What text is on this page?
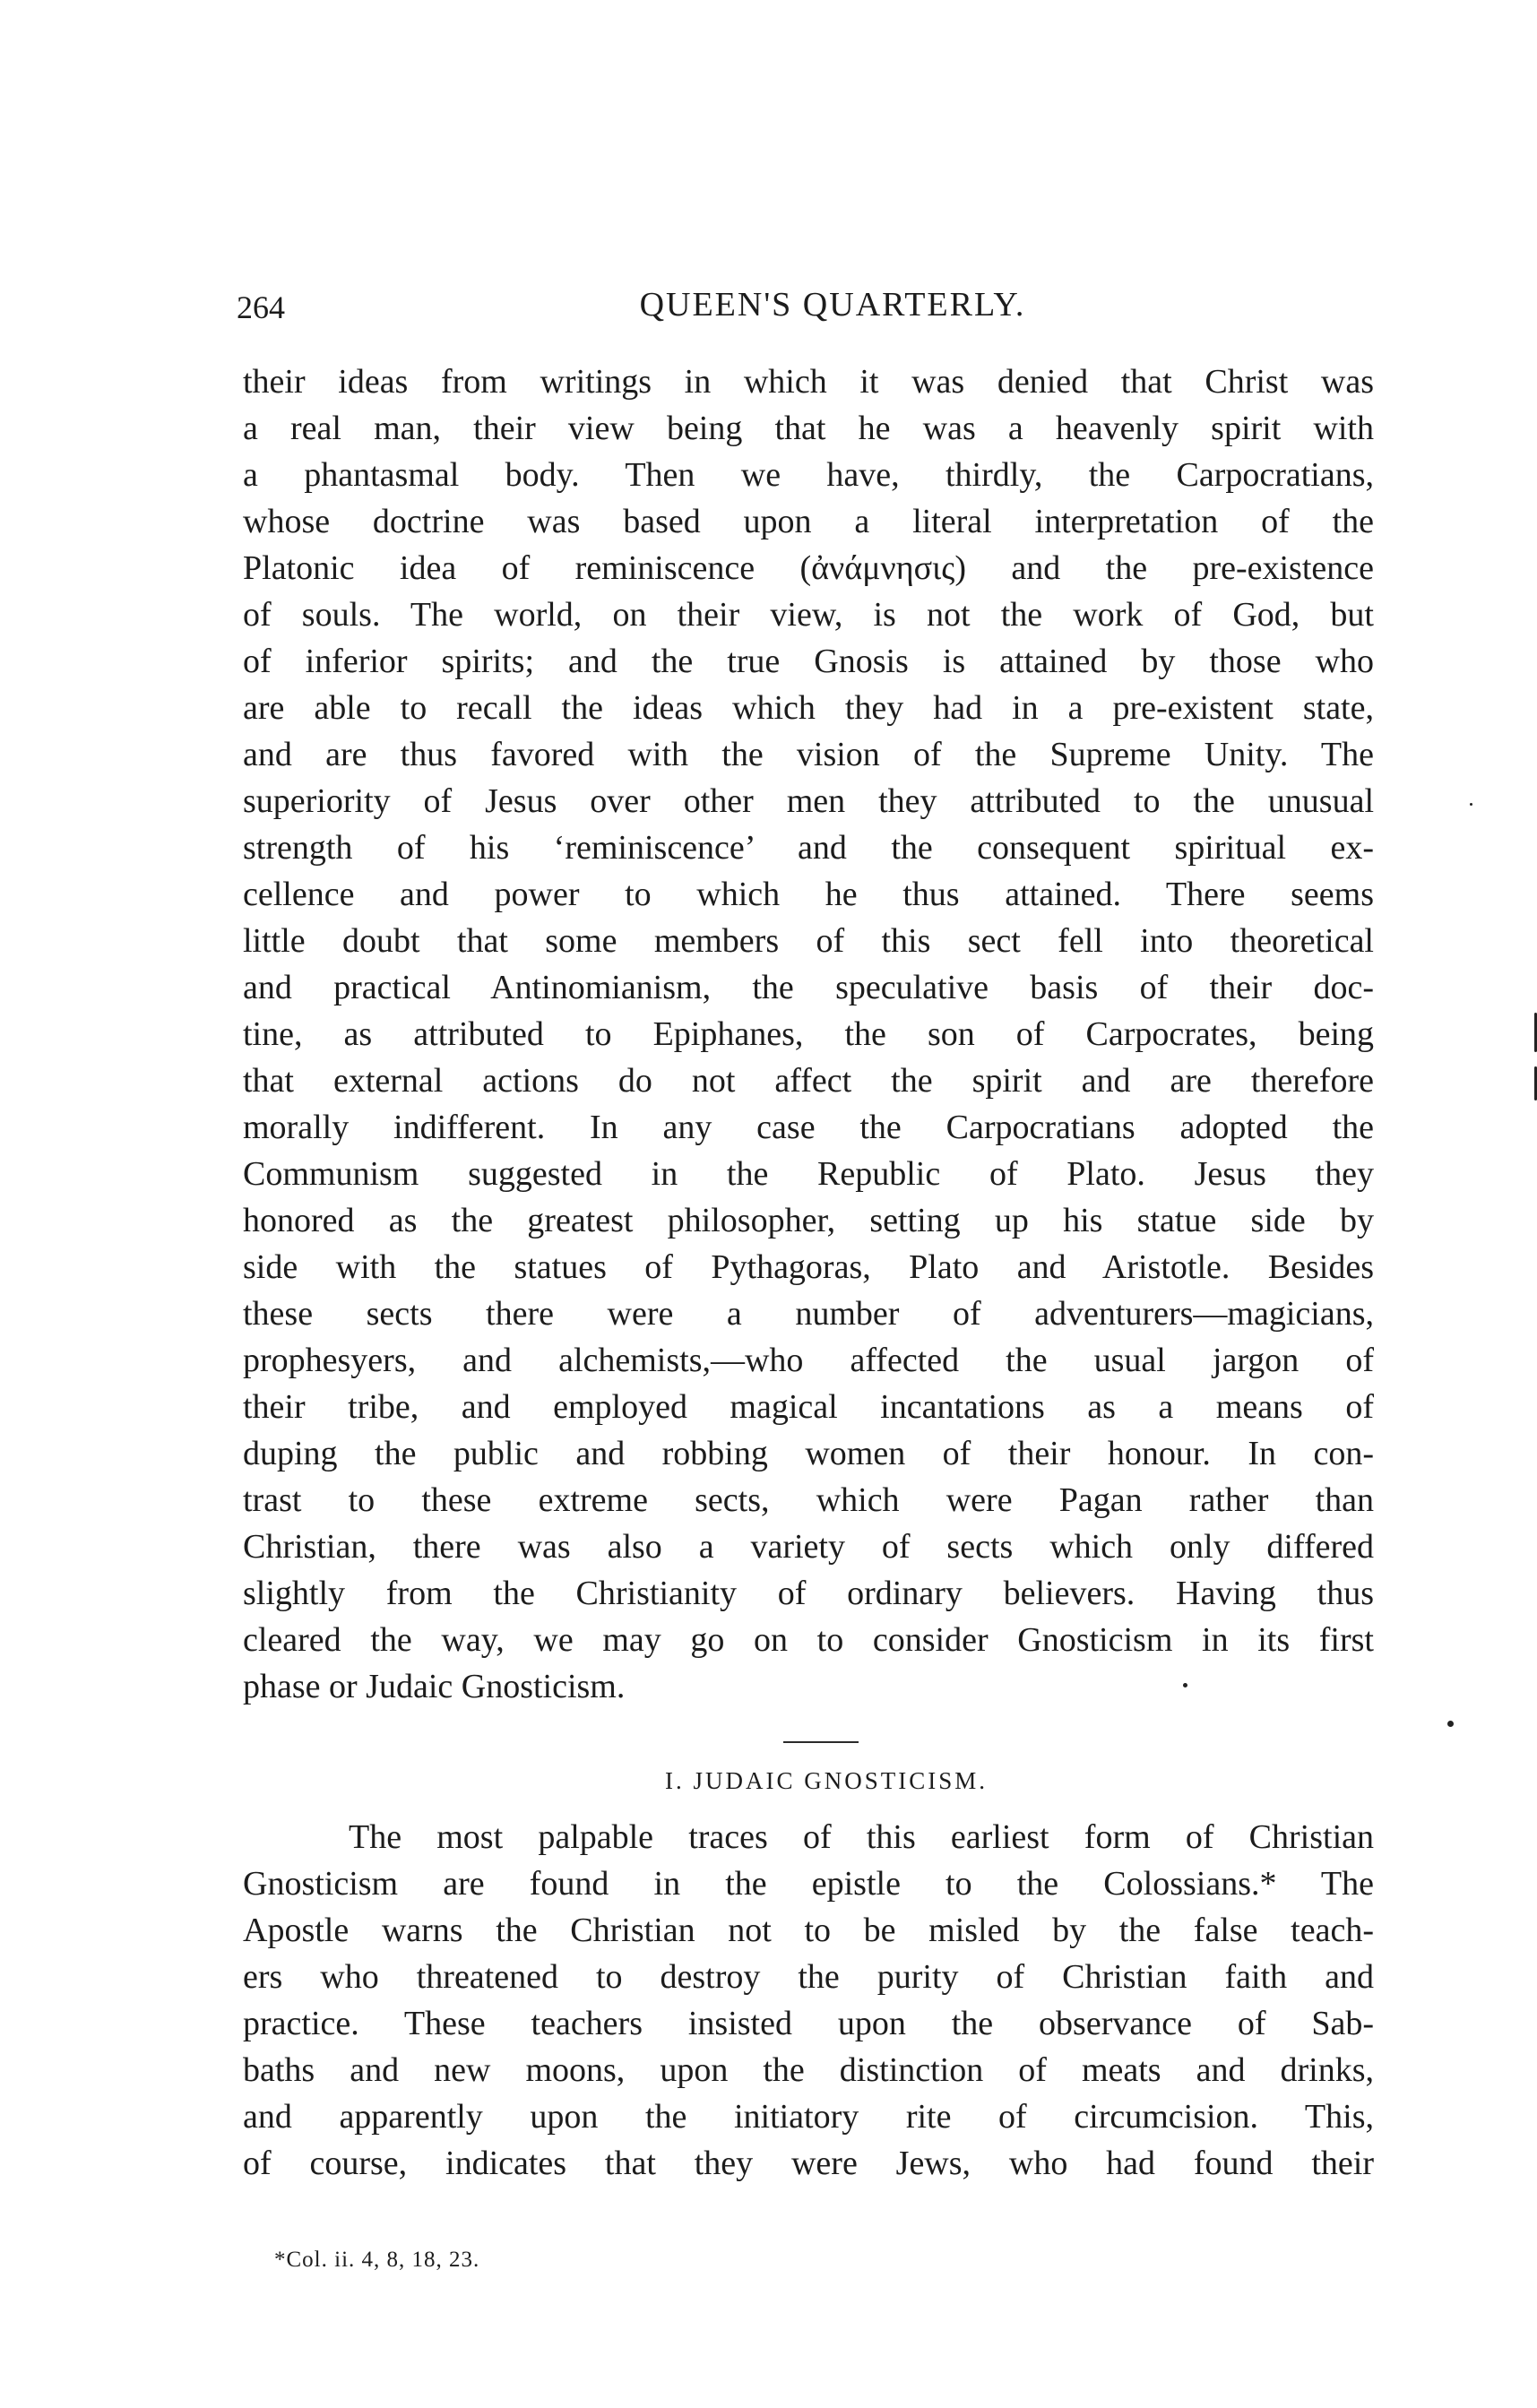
264	QUEEN'S QUARTERLY.
their ideas from writings in which it was denied that Christ was
a real man, their view being that he was a heavenly spirit with
a phantasmal body. Then we have, thirdly, the Carpocratians,
whose doctrine was based upon a literal interpretation of the
Platonic idea of reminiscence (ἀνάμνησις) and the pre-existence
of souls. The world, on their view, is not the work of God, but
of inferior spirits; and the true Gnosis is attained by those who
are able to recall the ideas which they had in a pre-existent state,
and are thus favored with the vision of the Supreme Unity. The
superiority of Jesus over other men they attributed to the unusual
strength of his ‘reminiscence’ and the consequent spiritual ex-
cellence and power to which he thus attained. There seems
little doubt that some members of this sect fell into theoretical
and practical Antinomianism, the speculative basis of their doc-
tine, as attributed to Epiphanes, the son of Carpocrates, being
that external actions do not affect the spirit and are therefore
morally indifferent. In any case the Carpocratians adopted the
Communism suggested in the Republic of Plato. Jesus they
honored as the greatest philosopher, setting up his statue side by
side with the statues of Pythagoras, Plato and Aristotle. Besides
these sects there were a number of adventurers—magicians,
prophesyers, and alchemists,—who affected the usual jargon of
their tribe, and employed magical incantations as a means of
duping the public and robbing women of their honour. In con-
trast to these extreme sects, which were Pagan rather than
Christian, there was also a variety of sects which only differed
slightly from the Christianity of ordinary believers. Having thus
cleared the way, we may go on to consider Gnosticism in its first
phase or Judaic Gnosticism.
I. JUDAIC GNOSTICISM.
The most palpable traces of this earliest form of Christian
Gnosticism are found in the epistle to the Colossians.* The
Apostle warns the Christian not to be misled by the false teach-
ers who threatened to destroy the purity of Christian faith and
practice. These teachers insisted upon the observance of Sab-
baths and new moons, upon the distinction of meats and drinks,
and apparently upon the initiatory rite of circumcision. This,
of course, indicates that they were Jews, who had found their
*Col. ii. 4, 8, 18, 23.
